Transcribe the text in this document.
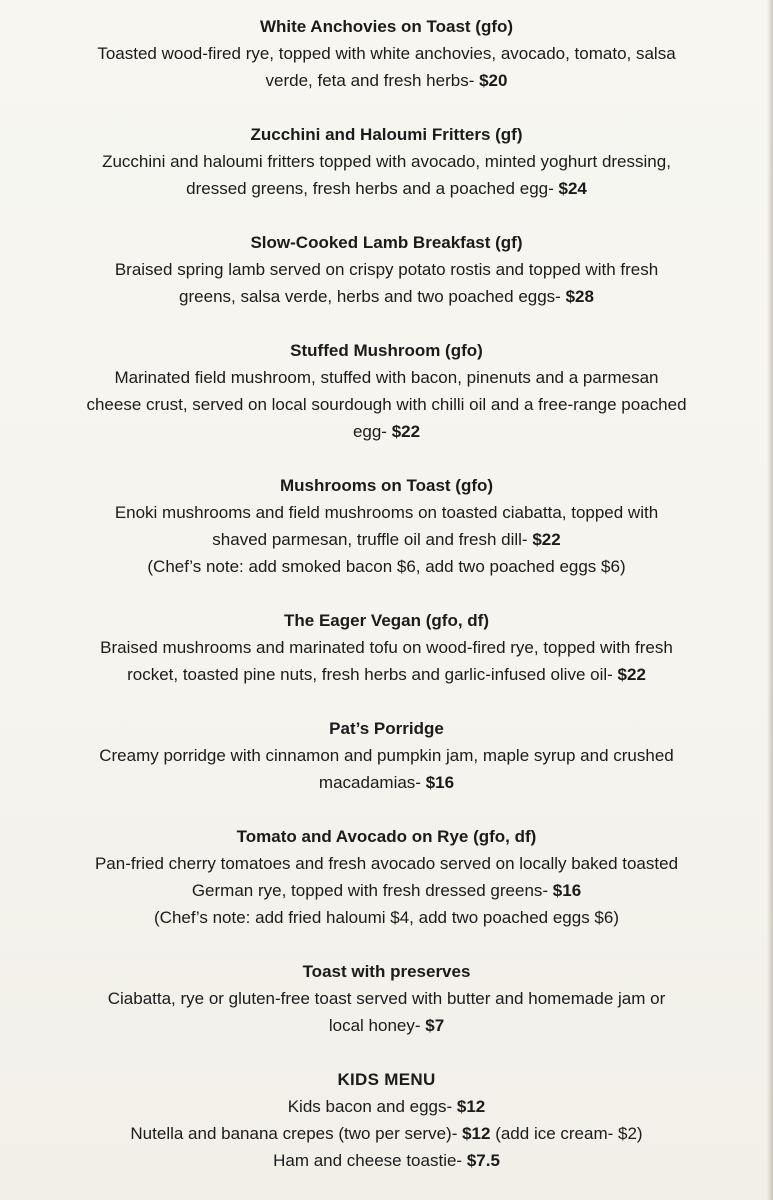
White Anchovies on Toast (gfo)
Toasted wood-fired rye, topped with white anchovies, avocado, tomato, salsa
verde, feta and fresh herbs- $20
Zucchini and Haloumi Fritters (gf)
Zucchini and haloumi fritters topped with avocado, minted yoghurt dressing,
dressed greens, fresh herbs and a poached egg- $24
Slow-Cooked Lamb Breakfast (gf)
Braised spring lamb served on crispy potato rostis and topped with fresh
greens, salsa verde, herbs and two poached eggs- $28
Stuffed Mushroom (gfo)
Marinated field mushroom, stuffed with bacon, pinenuts and a parmesan
cheese crust, served on local sourdough with chilli oil and a free-range poached
egg- $22
Mushrooms on Toast (gfo)
Enoki mushrooms and field mushrooms on toasted ciabatta, topped with
shaved parmesan, truffle oil and fresh dill- $22
(Chef’s note: add smoked bacon $6, add two poached eggs $6)
The Eager Vegan (gfo, df)
Braised mushrooms and marinated tofu on wood-fired rye, topped with fresh
rocket, toasted pine nuts, fresh herbs and garlic-infused olive oil- $22
Pat’s Porridge
Creamy porridge with cinnamon and pumpkin jam, maple syrup and crushed
macadamias- $16
Tomato and Avocado on Rye (gfo, df)
Pan-fried cherry tomatoes and fresh avocado served on locally baked toasted
German rye, topped with fresh dressed greens- $16
(Chef’s note: add fried haloumi $4, add two poached eggs $6)
Toast with preserves
Ciabatta, rye or gluten-free toast served with butter and homemade jam or
local honey- $7
KIDS MENU
Kids bacon and eggs- $12
Nutella and banana crepes (two per serve)- $12 (add ice cream- $2)
Ham and cheese toastie- $7.5
